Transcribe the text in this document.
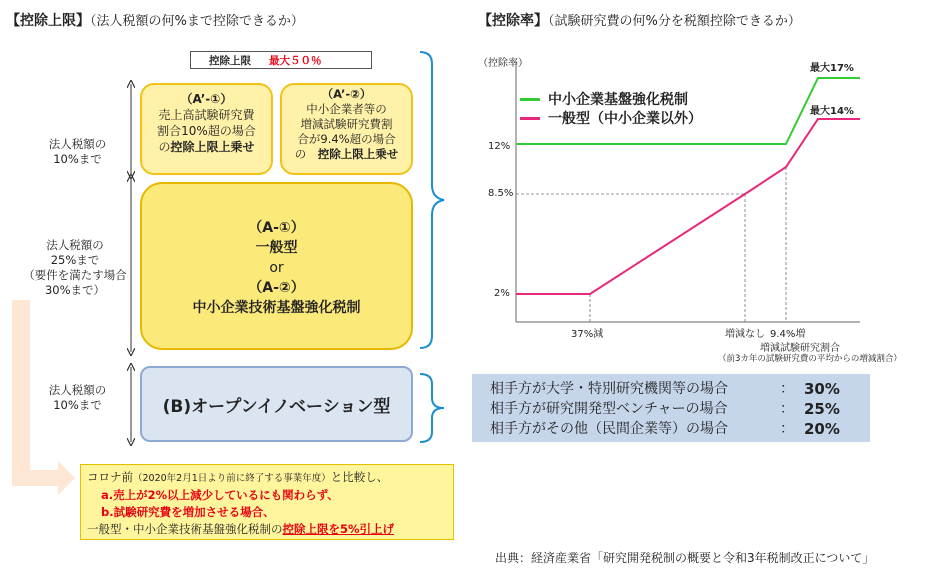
【控除上限】（法人税額の何%まで控除できるか）	【控除率】（試験研究費の何%分を税額控除できるか）
控除上限	最大５０％
法人税額の
10%まで
法人税額の
25%まで
（要件を満たす場合
30%まで）
法人税額の
10%まで
（A’-①）
売上高試験研究費
割合10%超の場合
の控除上限上乗せ
（A’-②）
中小企業者等の
増減試験研究費割
合が9.4%超の場合
の　控除上限上乗せ
（A-①）
一般型
or
（A-②）
中小企業技術基盤強化税制
(B)オープンイノベーション型
コロナ前（2020年2月1日より前に終了する事業年度）と比較し、
a.売上が2%以上減少しているにも関わらず、
b.試験研究費を増加させる場合、
一般型・中小企業技術基盤強化税制の控除上限を5%引上げ
（控除率）
12%
8.5%
2%
37%減	増減なし 9.4%増
増減試験研究割合
（前3カ年の試験研究費の平均からの増減割合）
最大17%
最大14%
中小企業基盤強化税制
一般型（中小企業以外）
相手方が大学・特別研究機関等の場合	： 30%
相手方が研究開発型ベンチャーの場合	： 25%
相手方がその他（民間企業等）の場合	： 20%
出典：経済産業省「研究開発税制の概要と令和3年税制改正について」
